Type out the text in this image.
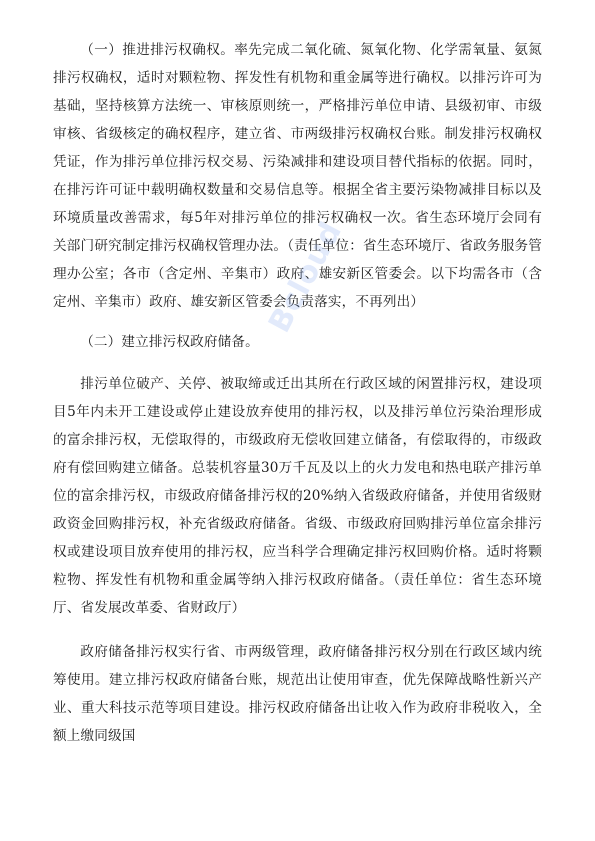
（一）推进排污权确权。率先完成二氧化硫、氮氧化物、化学需氧量、氨氮排污权确权，适时对颗粒物、挥发性有机物和重金属等进行确权。以排污许可为基础，坚持核算方法统一、审核原则统一，严格排污单位申请、县级初审、市级审核、省级核定的确权程序，建立省、市两级排污权确权台账。制发排污权确权凭证，作为排污单位排污权交易、污染减排和建设项目替代指标的依据。同时，在排污许可证中载明确权数量和交易信息等。根据全省主要污染物减排目标以及环境质量改善需求，每5年对排污单位的排污权确权一次。省生态环境厅会同有关部门研究制定排污权确权管理办法。（责任单位：省生态环境厅、省政务服务管理办公室；各市（含定州、辛集市）政府、雄安新区管委会。以下均需各市（含定州、辛集市）政府、雄安新区管委会负责落实，不再列出）

（二）建立排污权政府储备。

排污单位破产、关停、被取缔或迁出其所在行政区域的闲置排污权，建设项目5年内未开工建设或停止建设放弃使用的排污权，以及排污单位污染治理形成的富余排污权，无偿取得的，市级政府无偿收回建立储备，有偿取得的，市级政府有偿回购建立储备。总装机容量30万千瓦及以上的火力发电和热电联产排污单位的富余排污权，市级政府储备排污权的20%纳入省级政府储备，并使用省级财政资金回购排污权，补充省级政府储备。省级、市级政府回购排污单位富余排污权或建设项目放弃使用的排污权，应当科学合理确定排污权回购价格。适时将颗粒物、挥发性有机物和重金属等纳入排污权政府储备。（责任单位：省生态环境厅、省发展改革委、省财政厅）

政府储备排污权实行省、市两级管理，政府储备排污权分别在行政区域内统筹使用。建立排污权政府储备台账，规范出让使用审查，优先保障战略性新兴产业、重大科技示范等项目建设。排污权政府储备出让收入作为政府非税收入，全额上缴同级国

Bcloud
